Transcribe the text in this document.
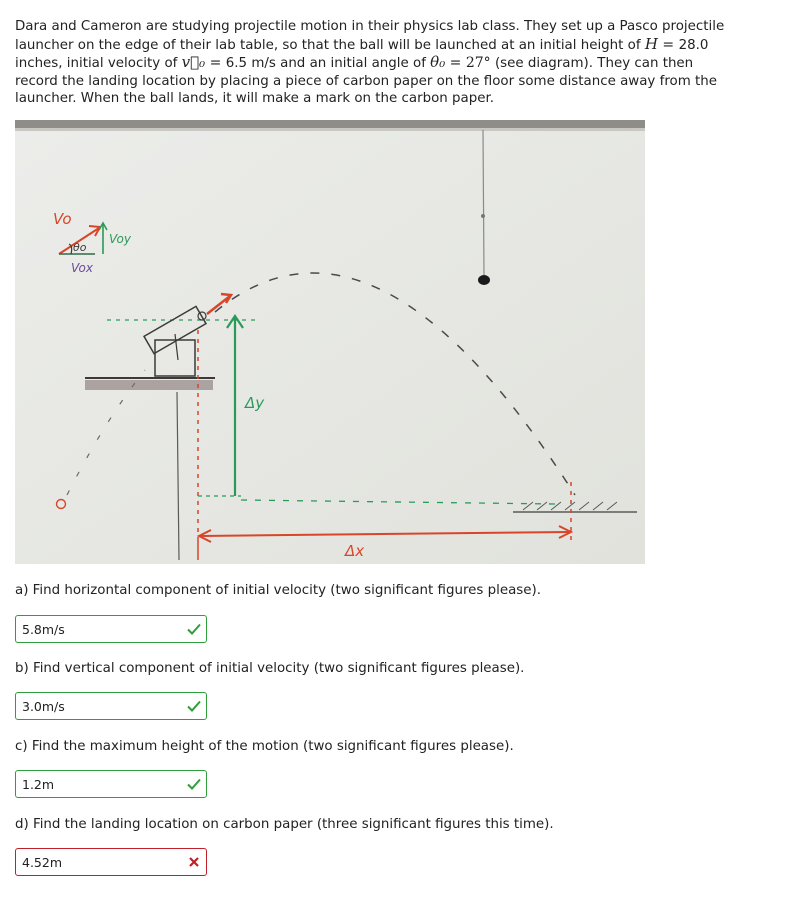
Dara and Cameron are studying projectile motion in their physics lab class. They set up a Pasco projectile
launcher on the edge of their lab table, so that the ball will be launched at an initial height of H = 28.0
inches, initial velocity of v⃗₀ = 6.5 m/s and an initial angle of θ₀ = 27° (see diagram). They can then
record the landing location by placing a piece of carbon paper on the floor some distance away from the
launcher. When the ball lands, it will make a mark on the carbon paper.
Vo
Voy
θo
Vox
Δy
Δx
a) Find horizontal component of initial velocity (two significant figures please).
5.8m/s
b) Find vertical component of initial velocity (two significant figures please).
3.0m/s
c) Find the maximum height of the motion (two significant figures please).
1.2m
d) Find the landing location on carbon paper (three significant figures this time).
4.52m
